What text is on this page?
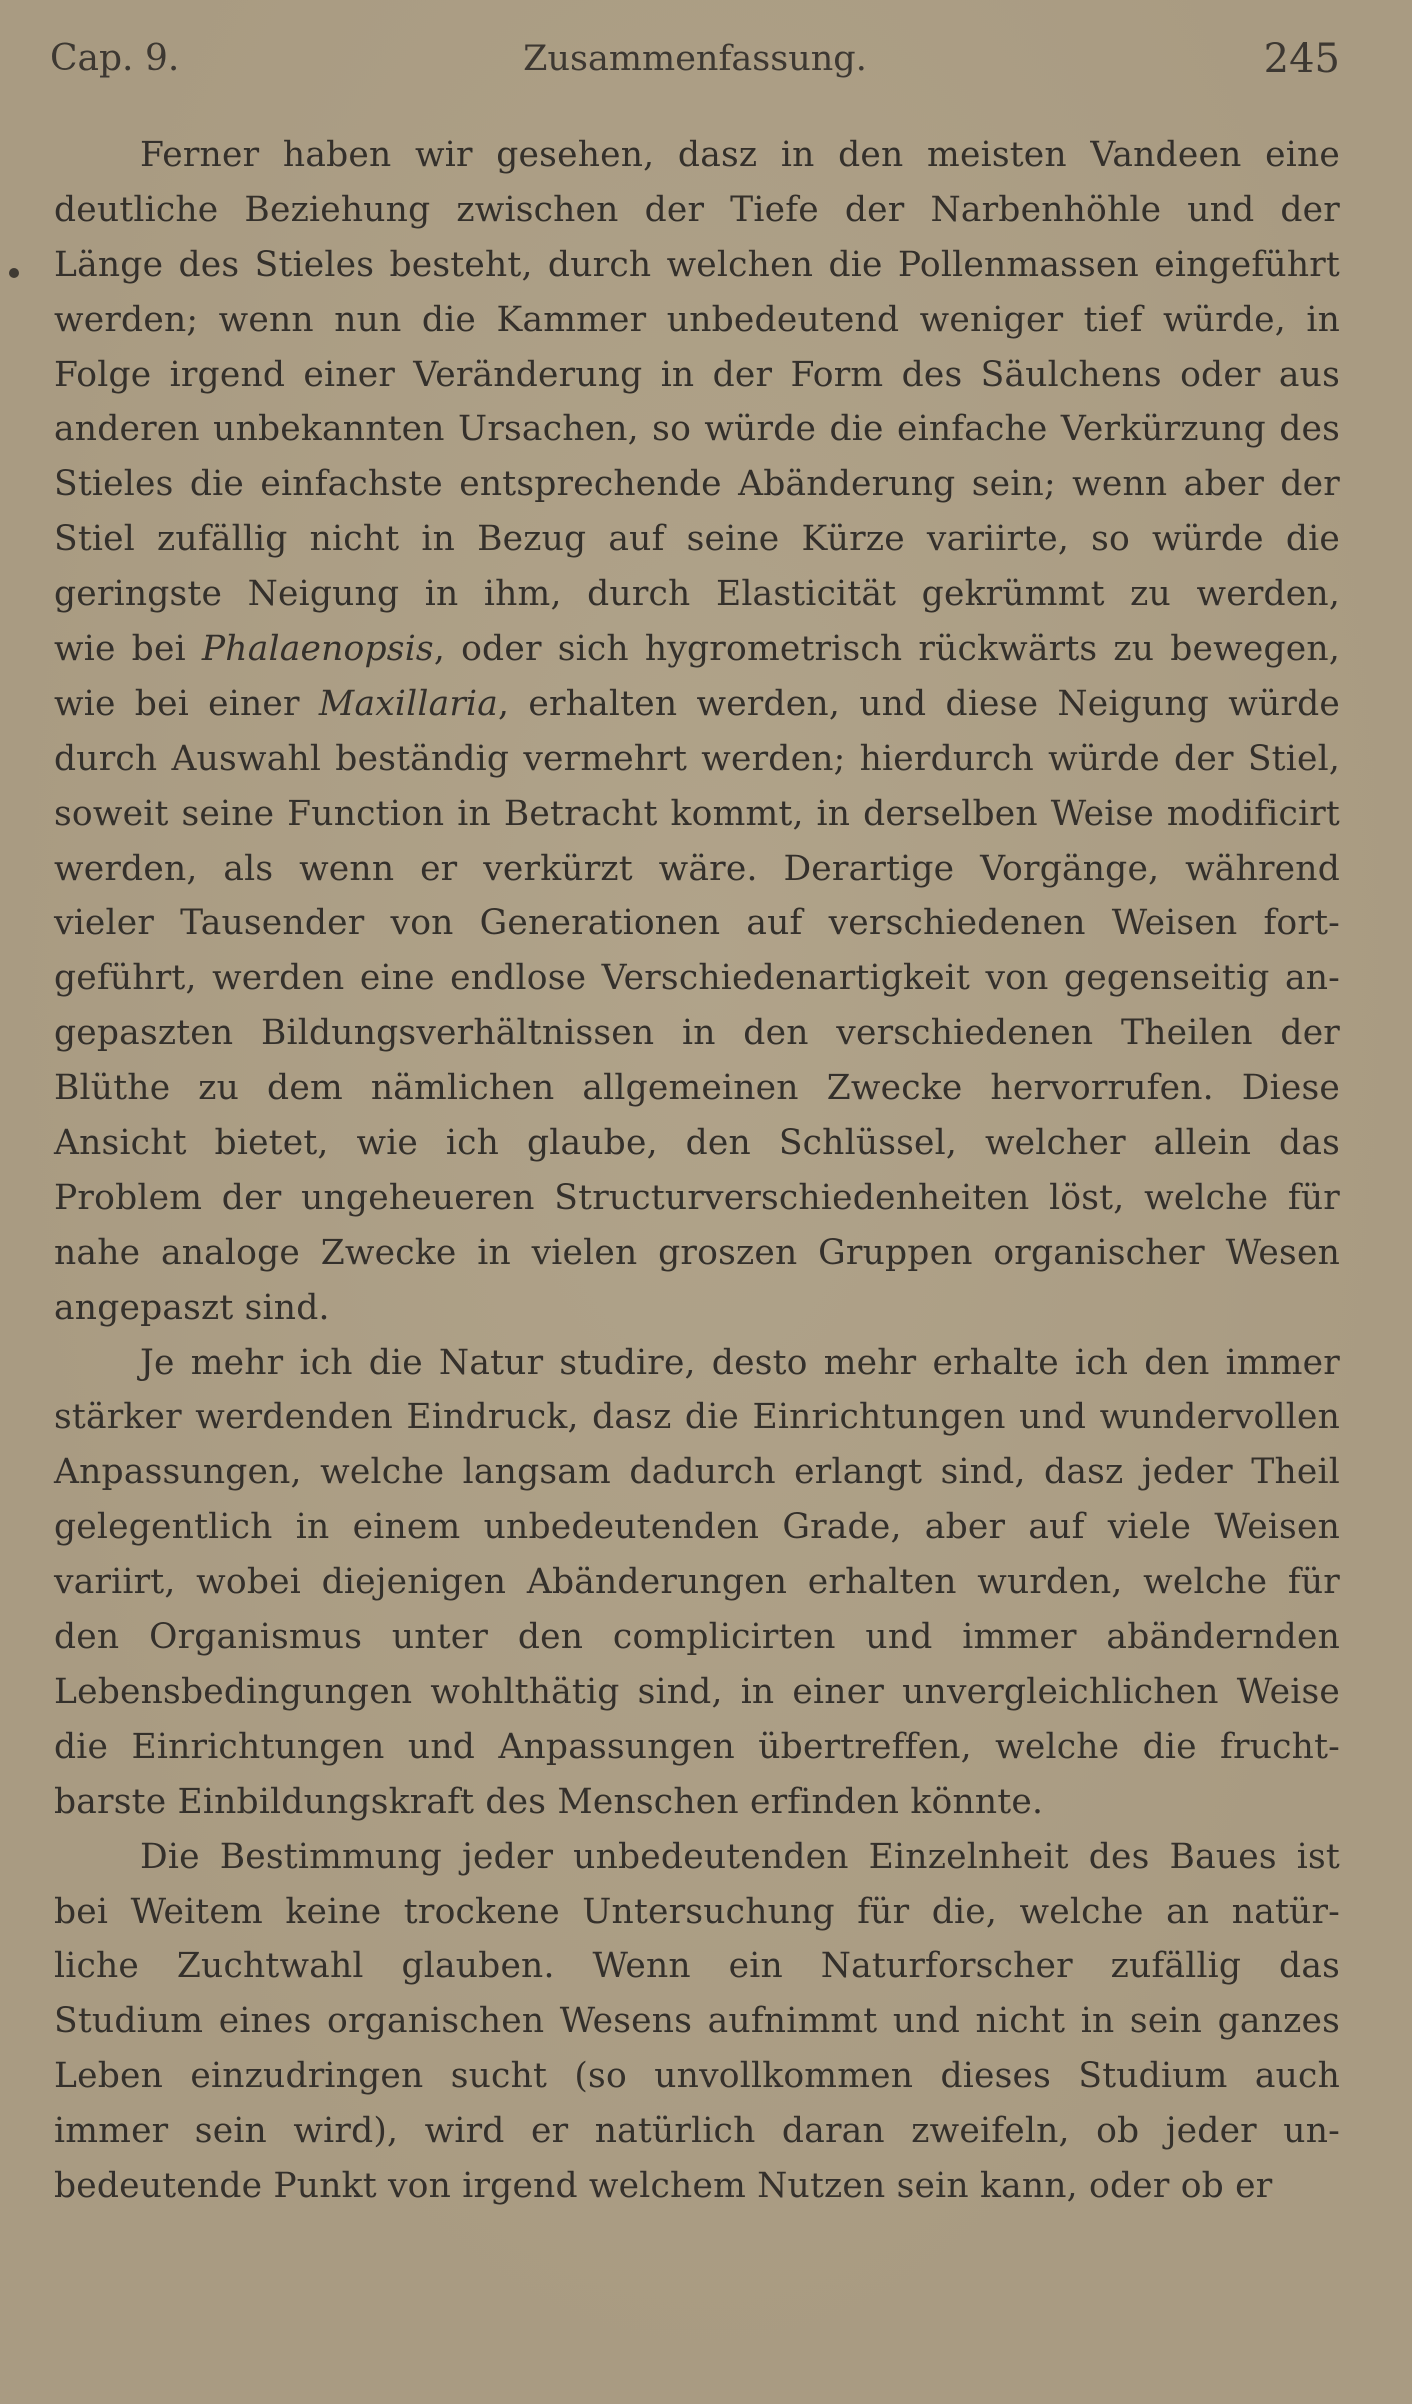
Cap. 9.	Zusammenfassung.	245
Ferner haben wir gesehen, dasz in den meisten Vandeen eine
deutliche Beziehung zwischen der Tiefe der Narbenhöhle und der
Länge des Stieles besteht, durch welchen die Pollenmassen eingeführt
werden; wenn nun die Kammer unbedeutend weniger tief würde, in
Folge irgend einer Veränderung in der Form des Säulchens oder aus
anderen unbekannten Ursachen, so würde die einfache Verkürzung des
Stieles die einfachste entsprechende Abänderung sein; wenn aber der
Stiel zufällig nicht in Bezug auf seine Kürze variirte, so würde die
geringste Neigung in ihm, durch Elasticität gekrümmt zu werden,
wie bei Phalaenopsis, oder sich hygrometrisch rückwärts zu bewegen,
wie bei einer Maxillaria, erhalten werden, und diese Neigung würde
durch Auswahl beständig vermehrt werden; hierdurch würde der Stiel,
soweit seine Function in Betracht kommt, in derselben Weise modificirt
werden, als wenn er verkürzt wäre. Derartige Vorgänge, während
vieler Tausender von Generationen auf verschiedenen Weisen fort-
geführt, werden eine endlose Verschiedenartigkeit von gegenseitig an-
gepaszten Bildungsverhältnissen in den verschiedenen Theilen der
Blüthe zu dem nämlichen allgemeinen Zwecke hervorrufen. Diese
Ansicht bietet, wie ich glaube, den Schlüssel, welcher allein das
Problem der ungeheueren Structurverschiedenheiten löst, welche für
nahe analoge Zwecke in vielen groszen Gruppen organischer Wesen
angepaszt sind.
Je mehr ich die Natur studire, desto mehr erhalte ich den immer
stärker werdenden Eindruck, dasz die Einrichtungen und wundervollen
Anpassungen, welche langsam dadurch erlangt sind, dasz jeder Theil
gelegentlich in einem unbedeutenden Grade, aber auf viele Weisen
variirt, wobei diejenigen Abänderungen erhalten wurden, welche für
den Organismus unter den complicirten und immer abändernden
Lebensbedingungen wohlthätig sind, in einer unvergleichlichen Weise
die Einrichtungen und Anpassungen übertreffen, welche die frucht-
barste Einbildungskraft des Menschen erfinden könnte.
Die Bestimmung jeder unbedeutenden Einzelnheit des Baues ist
bei Weitem keine trockene Untersuchung für die, welche an natür-
liche Zuchtwahl glauben. Wenn ein Naturforscher zufällig das
Studium eines organischen Wesens aufnimmt und nicht in sein ganzes
Leben einzudringen sucht (so unvollkommen dieses Studium auch
immer sein wird), wird er natürlich daran zweifeln, ob jeder un-
bedeutende Punkt von irgend welchem Nutzen sein kann, oder ob er
